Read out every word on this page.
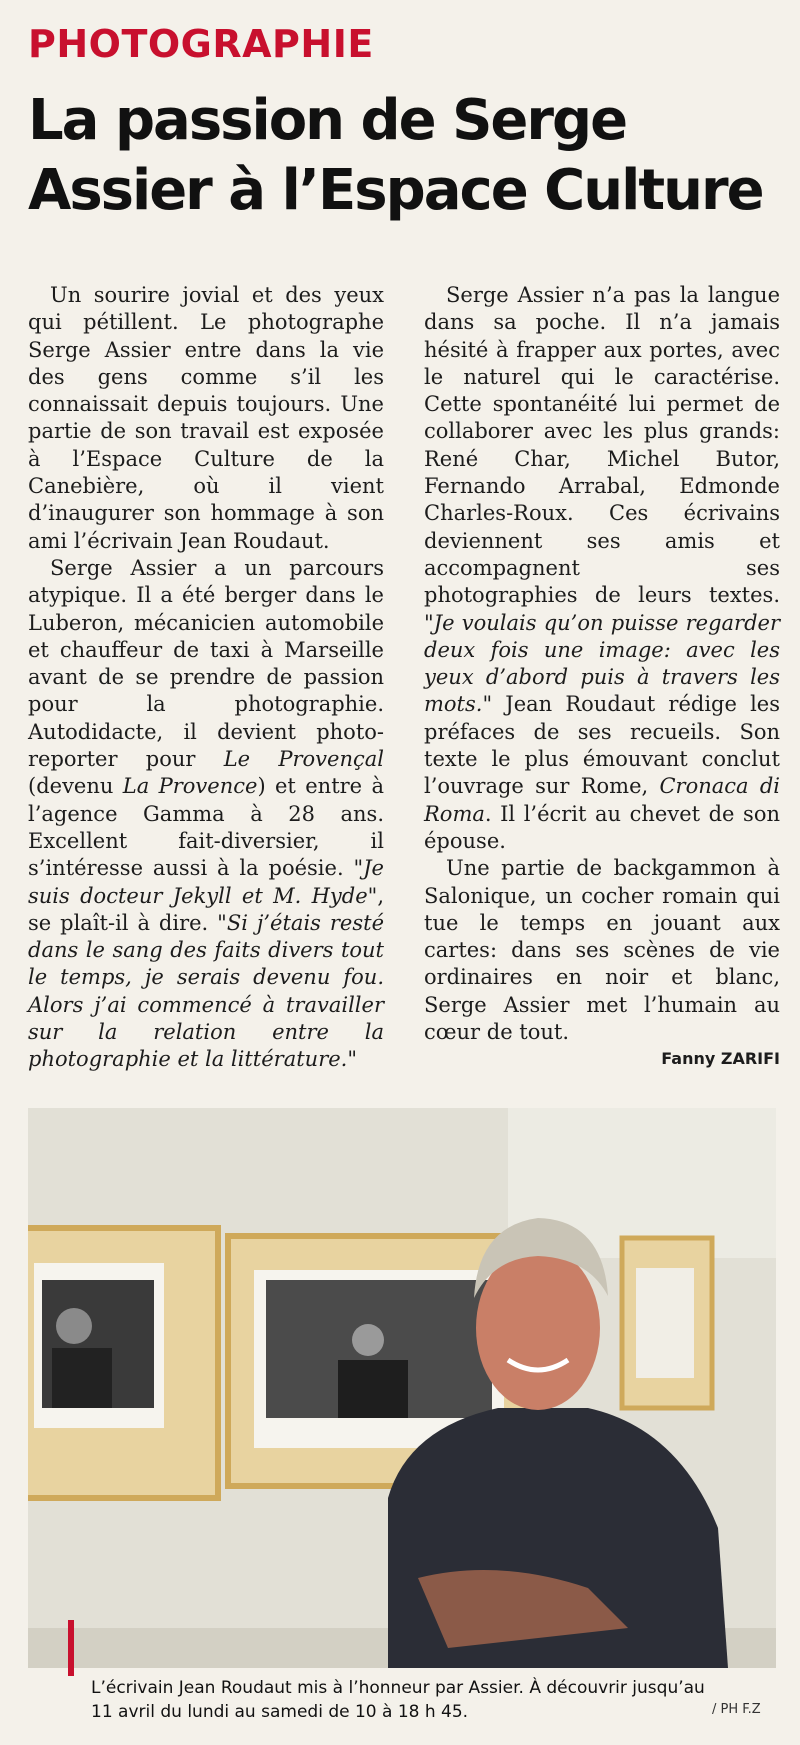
PHOTOGRAPHIE
La passion de Serge Assier à l’Espace Culture

Un sourire jovial et des yeux qui pétillent. Le photographe Serge Assier entre dans la vie des gens comme s’il les connaissait depuis toujours. Une partie de son travail est exposée à l’Espace Culture de la Canebière, où il vient d’inaugurer son hommage à son ami l’écrivain Jean Roudaut.

Serge Assier a un parcours atypique. Il a été berger dans le Luberon, mécanicien automobile et chauffeur de taxi à Marseille avant de se prendre de passion pour la photographie. Autodidacte, il devient photo-reporter pour Le Provençal (devenu La Provence) et entre à l’agence Gamma à 28 ans. Excellent fait-diversier, il s’intéresse aussi à la poésie. "Je suis docteur Jekyll et M. Hyde", se plaît-il à dire. "Si j’étais resté dans le sang des faits divers tout le temps, je serais devenu fou. Alors j’ai commencé à travailler sur la relation entre la photographie et la littérature."

Serge Assier n’a pas la langue dans sa poche. Il n’a jamais hésité à frapper aux portes, avec le naturel qui le caractérise. Cette spontanéité lui permet de collaborer avec les plus grands: René Char, Michel Butor, Fernando Arrabal, Edmonde Charles-Roux. Ces écrivains deviennent ses amis et accompagnent ses photographies de leurs textes. "Je voulais qu’on puisse regarder deux fois une image: avec les yeux d’abord puis à travers les mots." Jean Roudaut rédige les préfaces de ses recueils. Son texte le plus émouvant conclut l’ouvrage sur Rome, Cronaca di Roma. Il l’écrit au chevet de son épouse.

Une partie de backgammon à Salonique, un cocher romain qui tue le temps en jouant aux cartes: dans ses scènes de vie ordinaires en noir et blanc, Serge Assier met l’humain au cœur de tout.

Fanny ZARIFI
L’écrivain Jean Roudaut mis à l’honneur par Assier. À découvrir jusqu’au 11 avril du lundi au samedi de 10 à 18 h 45.	/ PH F.Z
